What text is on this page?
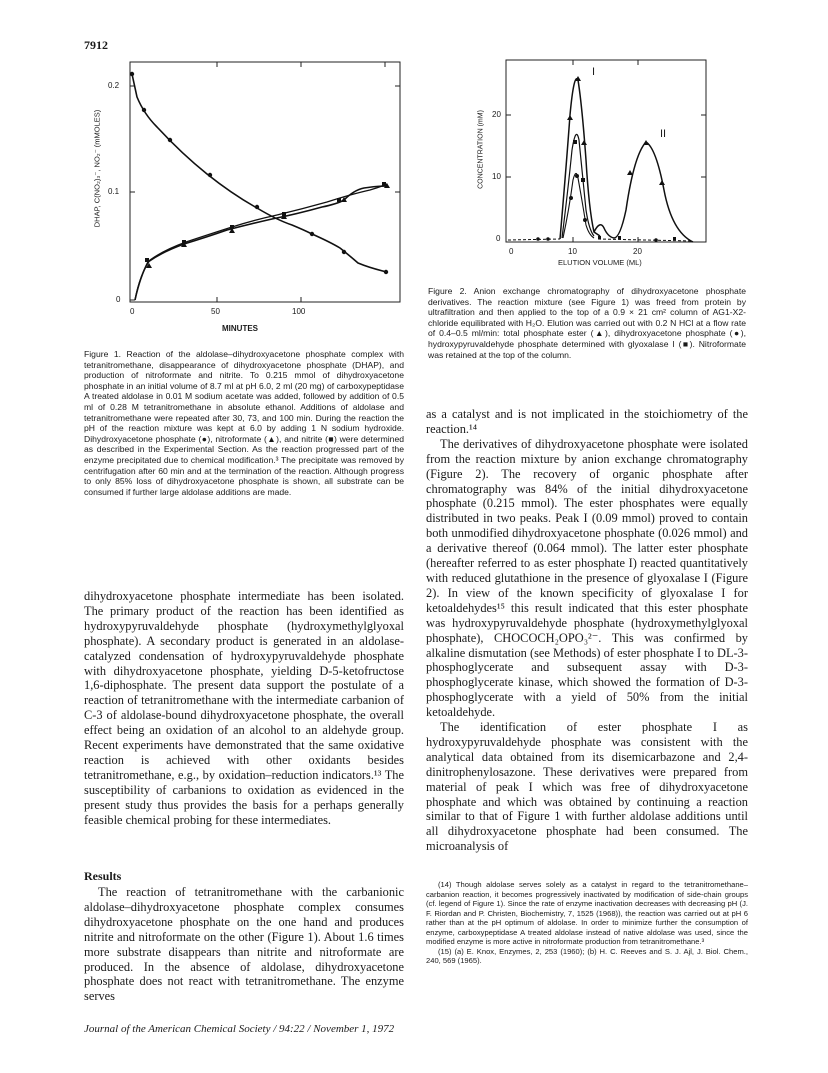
7912
0.2
0.1
0
0	50	100
MINUTES
DHAP, C(NO₂)₃⁻, NO₂⁻ (mMOLES)
I
II
20
10
0
0	10	20
ELUTION VOLUME (ML)
CONCENTRATION (mM)
Figure 2. Anion exchange chromatography of dihydroxyacetone phosphate derivatives. The reaction mixture (see Figure 1) was freed from protein by ultrafiltration and then applied to the top of a 0.9 × 21 cm² column of AG1-X2-chloride equilibrated with H₂O. Elution was carried out with 0.2 N HCl at a flow rate of 0.4–0.5 ml/min: total phosphate ester (▲), dihydroxyacetone phosphate (●), hydroxypyruvaldehyde phosphate determined with glyoxalase I (■). Nitroformate was retained at the top of the column.
Figure 1. Reaction of the aldolase–dihydroxyacetone phosphate complex with tetranitromethane, disappearance of dihydroxyacetone phosphate (DHAP), and production of nitroformate and nitrite. To 0.215 mmol of dihydroxyacetone phosphate in an initial volume of 8.7 ml at pH 6.0, 2 ml (20 mg) of carboxypeptidase A treated aldolase in 0.01 M sodium acetate was added, followed by addition of 0.5 ml of 0.28 M tetranitromethane in absolute ethanol. Additions of aldolase and tetranitromethane were repeated after 30, 73, and 100 min. During the reaction the pH of the reaction mixture was kept at 6.0 by adding 1 N sodium hydroxide. Dihydroxyacetone phosphate (●), nitroformate (▲), and nitrite (■) were determined as described in the Experimental Section. As the reaction progressed part of the enzyme precipitated due to chemical modification.³ The precipitate was removed by centrifugation after 60 min and at the termination of the reaction. Although progress to only 85% loss of dihydroxyacetone phosphate is shown, all substrate can be consumed if further large aldolase additions are made.

dihydroxyacetone phosphate intermediate has been isolated. The primary product of the reaction has been identified as hydroxypyruvaldehyde phosphate (hydroxymethylglyoxal phosphate). A secondary product is generated in an aldolase-catalyzed condensation of hydroxypyruvaldehyde phosphate with dihydroxyacetone phosphate, yielding D-5-ketofructose 1,6-diphosphate. The present data support the postulate of a reaction of tetranitromethane with the intermediate carbanion of C-3 of aldolase-bound dihydroxyacetone phosphate, the overall effect being an oxidation of an alcohol to an aldehyde group. Recent experiments have demonstrated that the same oxidative reaction is achieved with other oxidants besides tetranitromethane, e.g., by oxidation–reduction indicators.¹³ The susceptibility of carbanions to oxidation as evidenced in the present study thus provides the basis for a perhaps generally feasible chemical probing for these intermediates.

Results

The reaction of tetranitromethane with the carbanionic aldolase–dihydroxyacetone phosphate complex consumes dihydroxyacetone phosphate on the one hand and produces nitrite and nitroformate on the other (Figure 1). About 1.6 times more substrate disappears than nitrite and nitroformate are produced. In the absence of aldolase, dihydroxyacetone phosphate does not react with tetranitromethane. The enzyme serves

as a catalyst and is not implicated in the stoichiometry of the reaction.¹⁴

The derivatives of dihydroxyacetone phosphate were isolated from the reaction mixture by anion exchange chromatography (Figure 2). The recovery of organic phosphate after chromatography was 84% of the initial dihydroxyacetone phosphate (0.215 mmol). The ester phosphates were equally distributed in two peaks. Peak I (0.09 mmol) proved to contain both unmodified dihydroxyacetone phosphate (0.026 mmol) and a derivative thereof (0.064 mmol). The latter ester phosphate (hereafter referred to as ester phosphate I) reacted quantitatively with reduced glutathione in the presence of glyoxalase I (Figure 2). In view of the known specificity of glyoxalase I for ketoaldehydes¹⁵ this result indicated that this ester phosphate was hydroxypyruvaldehyde phosphate (hydroxymethylglyoxal phosphate), CHOCOCH₂OPO₃²⁻. This was confirmed by alkaline dismutation (see Methods) of ester phosphate I to DL-3-phosphoglycerate and subsequent assay with D-3-phosphoglycerate kinase, which showed the formation of D-3-phosphoglycerate with a yield of 50% from the initial ketoaldehyde.

The identification of ester phosphate I as hydroxypyruvaldehyde phosphate was consistent with the analytical data obtained from its disemicarbazone and 2,4-dinitrophenylosazone. These derivatives were prepared from material of peak I which was free of dihydroxyacetone phosphate and which was obtained by continuing a reaction similar to that of Figure 1 with further aldolase additions until all dihydroxyacetone phosphate had been consumed. The microanalysis of

(14) Though aldolase serves solely as a catalyst in regard to the tetranitromethane–carbanion reaction, it becomes progressively inactivated by modification of side-chain groups (cf. legend of Figure 1). Since the rate of enzyme inactivation decreases with decreasing pH (J. F. Riordan and P. Christen, Biochemistry, 7, 1525 (1968)), the reaction was carried out at pH 6 rather than at the pH optimum of aldolase. In order to minimize further the consumption of enzyme, carboxypeptidase A treated aldolase instead of native aldolase was used, since the modified enzyme is more active in nitroformate production from tetranitromethane.³

(15) (a) E. Knox, Enzymes, 2, 253 (1960); (b) H. C. Reeves and S. J. Ajl, J. Biol. Chem., 240, 569 (1965).

Journal of the American Chemical Society / 94:22 / November 1, 1972
